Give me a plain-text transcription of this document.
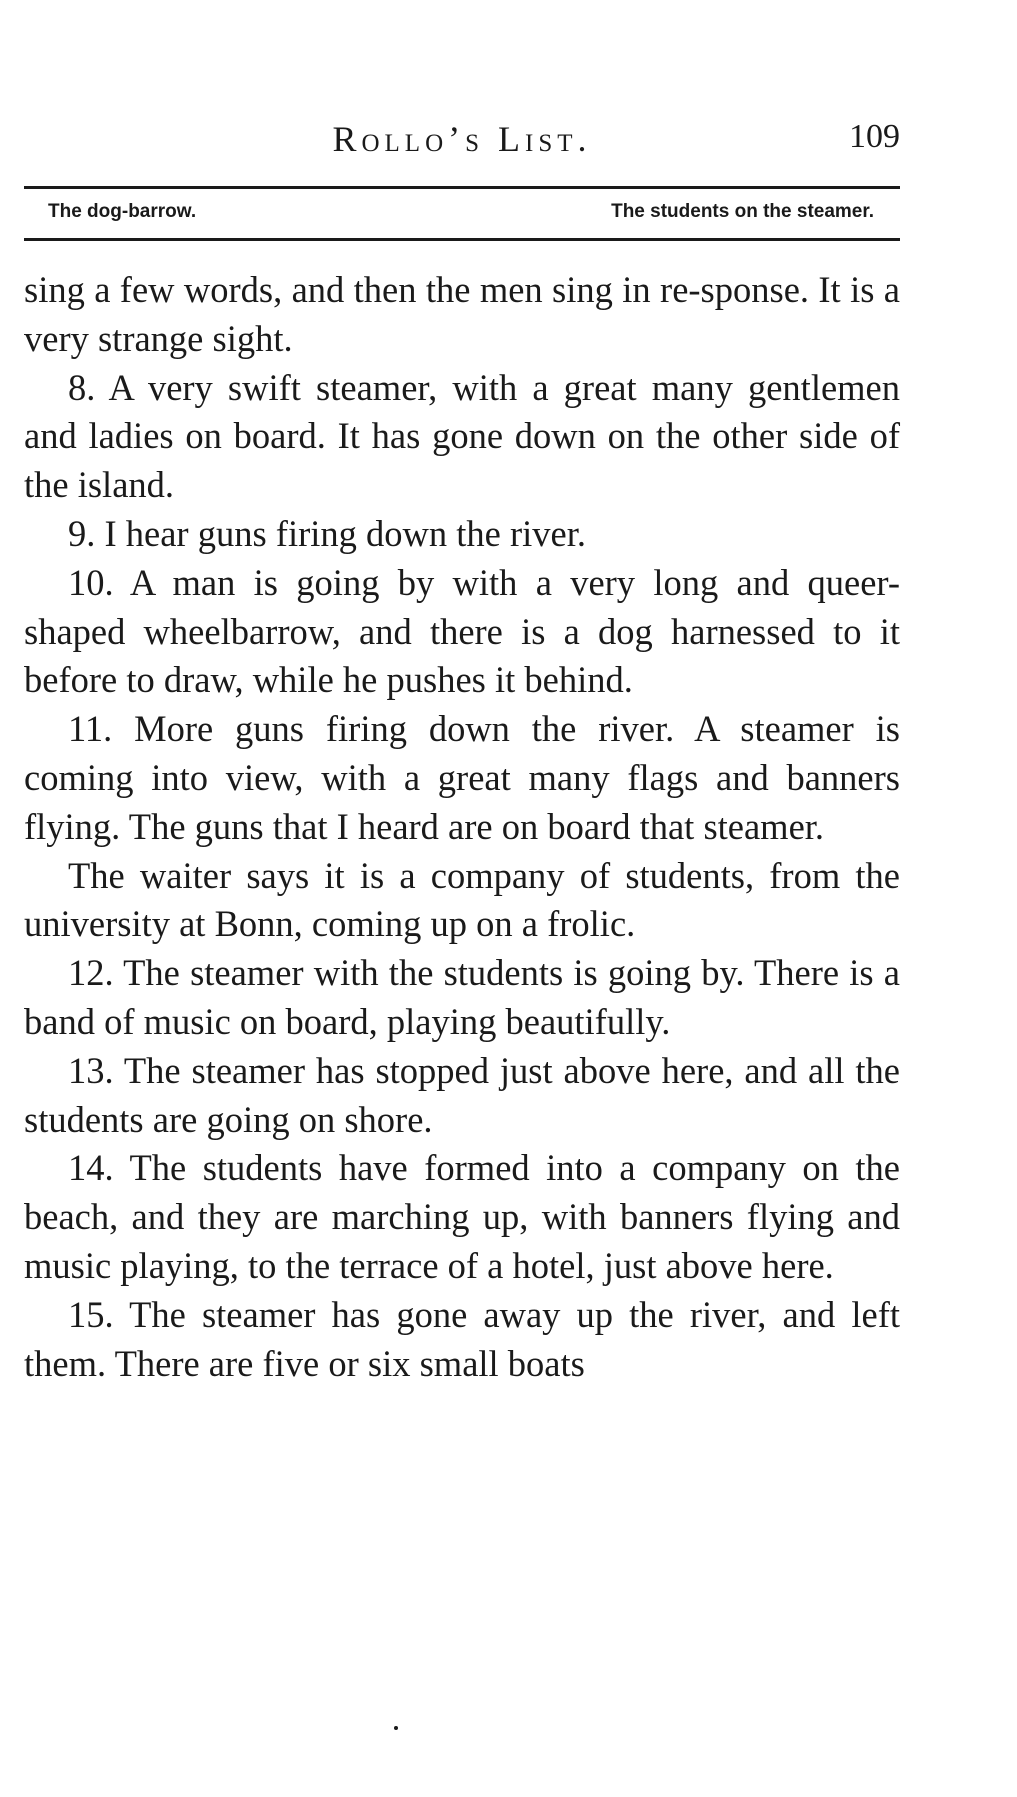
Rollo’s List.	109
The dog-barrow.	The students on the steamer.

sing a few words, and then the men sing in re-sponse. It is a very strange sight.

8. A very swift steamer, with a great many gentlemen and ladies on board. It has gone down on the other side of the island.

9. I hear guns firing down the river.

10. A man is going by with a very long and queer-shaped wheelbarrow, and there is a dog harnessed to it before to draw, while he pushes it behind.

11. More guns firing down the river. A steamer is coming into view, with a great many flags and banners flying. The guns that I heard are on board that steamer.

The waiter says it is a company of students, from the university at Bonn, coming up on a frolic.

12. The steamer with the students is going by. There is a band of music on board, playing beautifully.

13. The steamer has stopped just above here, and all the students are going on shore.

14. The students have formed into a company on the beach, and they are marching up, with banners flying and music playing, to the terrace of a hotel, just above here.

15. The steamer has gone away up the river, and left them. There are five or six small boats
